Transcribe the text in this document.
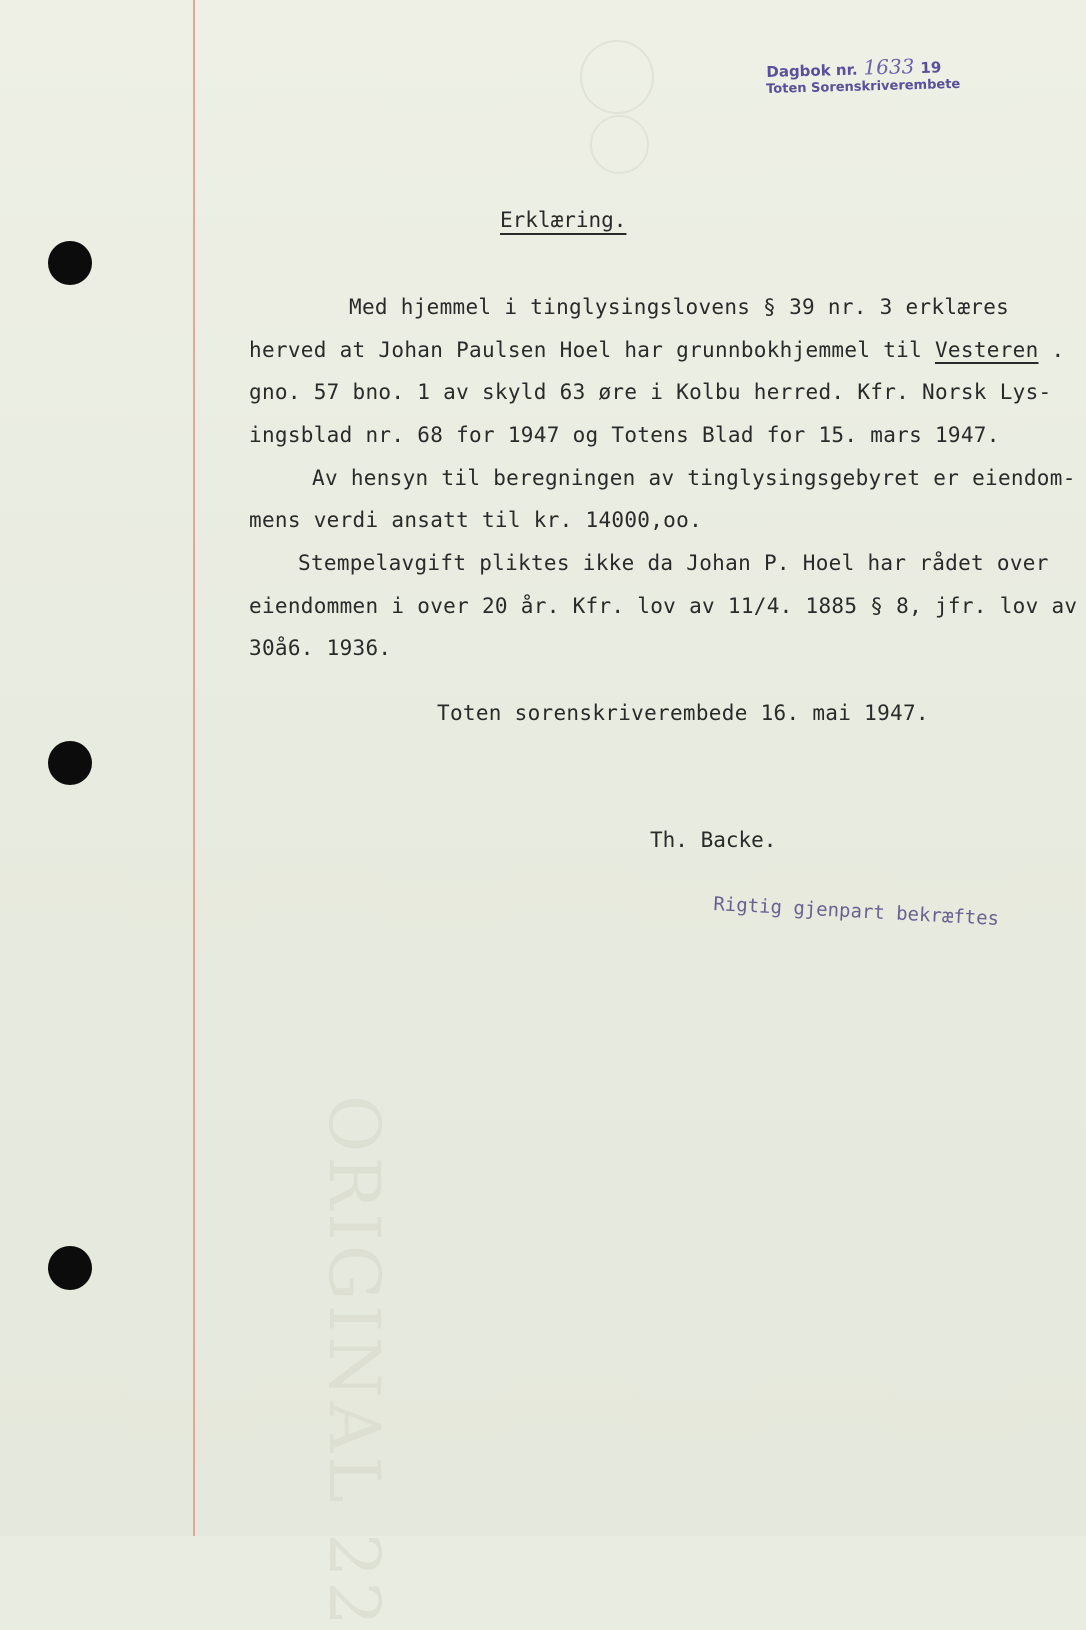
Dagbok nr. 1633 19
Toten Sorenskriverembete
Erklæring.
Med hjemmel i tinglysingslovens § 39 nr. 3 erklæres
herved at Johan Paulsen Hoel har grunnbokhjemmel til Vesteren .
gno. 57 bno. 1 av skyld 63 øre i Kolbu herred. Kfr. Norsk Lys-
ingsblad nr. 68 for 1947 og Totens Blad for 15. mars 1947.
Av hensyn til beregningen av tinglysingsgebyret er eiendom-
mens verdi ansatt til kr. 14000,oo.
Stempelavgift pliktes ikke da Johan P. Hoel har rådet over
eiendommen i over 20 år. Kfr. lov av 11/4. 1885 § 8, jfr. lov av
30å6. 1936.
Toten sorenskriverembede 16. mai 1947.
Th. Backe.
Rigtig gjenpart bekræftes
ORIGINAL 22
